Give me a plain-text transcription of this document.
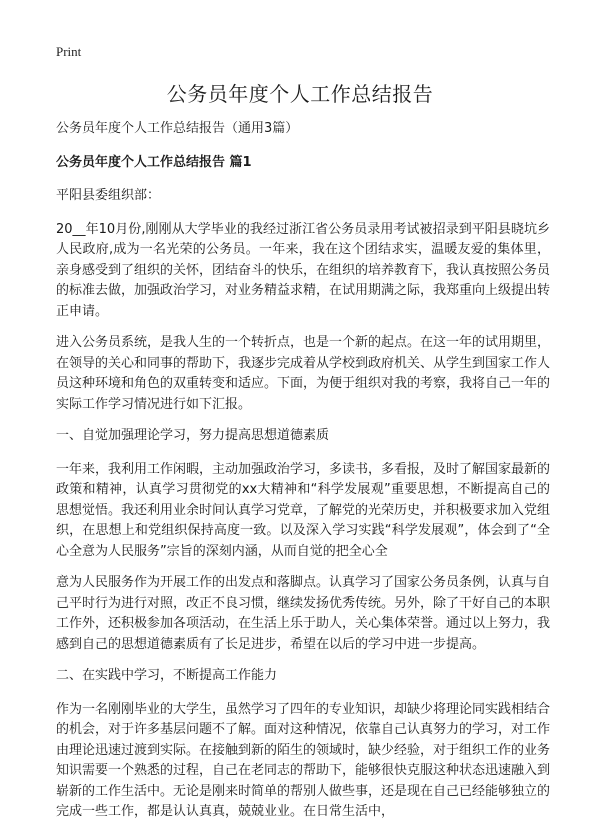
Print
公务员年度个人工作总结报告

公务员年度个人工作总结报告（通用3篇）

公务员年度个人工作总结报告 篇1

平阳县委组织部：

20__年10月份,刚刚从大学毕业的我经过浙江省公务员录用考试被招录到平阳县晓坑乡人民政府,成为一名光荣的公务员。一年来，我在这个团结求实，温暖友爱的集体里，亲身感受到了组织的关怀，团结奋斗的快乐，在组织的培养教育下，我认真按照公务员的标准去做，加强政治学习，对业务精益求精，在试用期满之际，我郑重向上级提出转正申请。

进入公务员系统，是我人生的一个转折点，也是一个新的起点。在这一年的试用期里，在领导的关心和同事的帮助下，我逐步完成着从学校到政府机关、从学生到国家工作人员这种环境和角色的双重转变和适应。下面，为便于组织对我的考察，我将自己一年的实际工作学习情况进行如下汇报。

一、自觉加强理论学习，努力提高思想道德素质

一年来，我利用工作闲暇，主动加强政治学习，多读书，多看报，及时了解国家最新的政策和精神，认真学习贯彻党的xx大精神和“科学发展观”重要思想，不断提高自己的思想觉悟。我还利用业余时间认真学习党章，了解党的光荣历史，并积极要求加入党组织，在思想上和党组织保持高度一致。以及深入学习实践“科学发展观”，体会到了“全心全意为人民服务”宗旨的深刻内涵，从而自觉的把全心全

意为人民服务作为开展工作的出发点和落脚点。认真学习了国家公务员条例，认真与自己平时行为进行对照，改正不良习惯，继续发扬优秀传统。另外，除了干好自己的本职工作外，还积极参加各项活动，在生活上乐于助人，关心集体荣誉。通过以上努力，我感到自己的思想道德素质有了长足进步，希望在以后的学习中进一步提高。

二、在实践中学习，不断提高工作能力

作为一名刚刚毕业的大学生，虽然学习了四年的专业知识，却缺少将理论同实践相结合的机会，对于许多基层问题不了解。面对这种情况，依靠自己认真努力的学习，对工作由理论迅速过渡到实际。在接触到新的陌生的领域时，缺少经验，对于组织工作的业务知识需要一个熟悉的过程，自己在老同志的帮助下，能够很快克服这种状态迅速融入到崭新的工作生活中。无论是刚来时简单的帮别人做些事，还是现在自己已经能够独立的完成一些工作，都是认认真真，兢兢业业。在日常生活中，
